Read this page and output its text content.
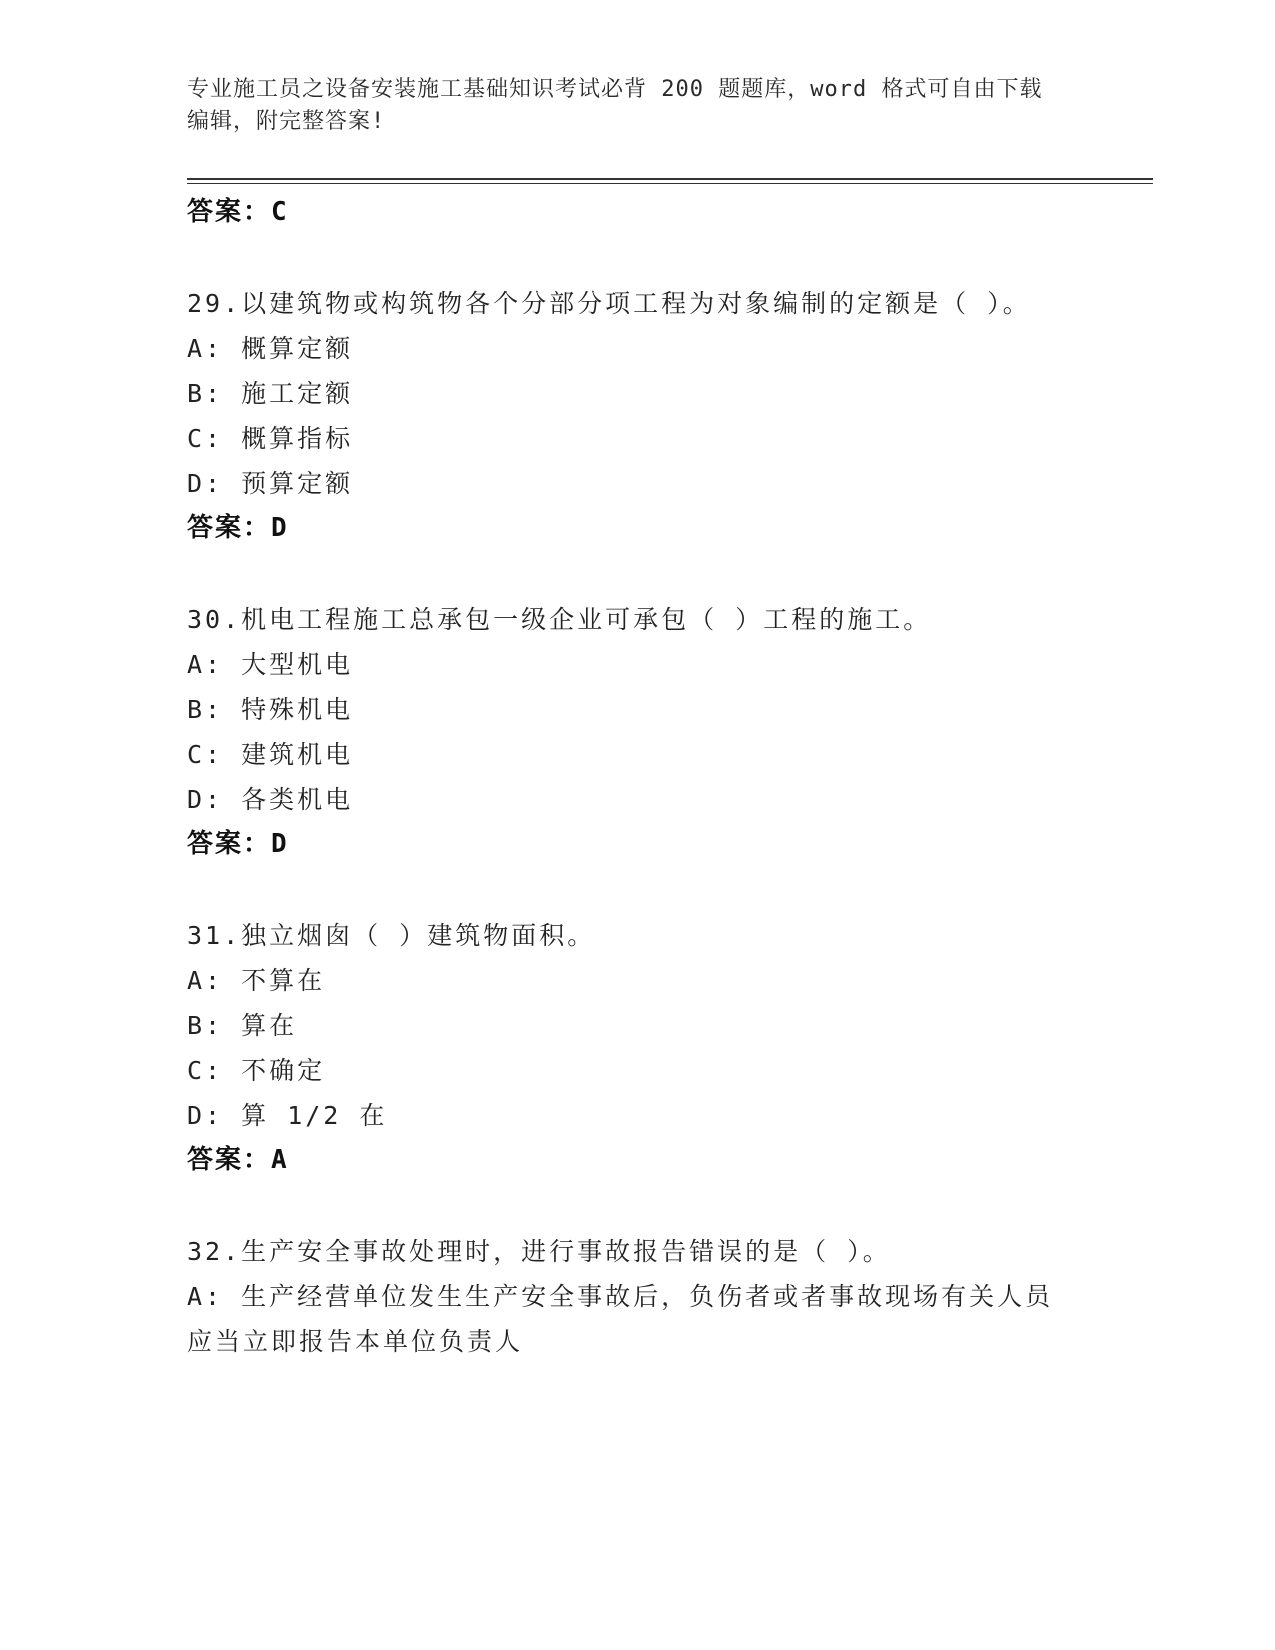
专业施工员之设备安装施工基础知识考试必背 200 题题库，word 格式可自由下载
编辑，附完整答案!
答案：C
29.以建筑物或构筑物各个分部分项工程为对象编制的定额是（ ）。
A: 概算定额
B: 施工定额
C: 概算指标
D: 预算定额
答案：D
30.机电工程施工总承包一级企业可承包（ ）工程的施工。
A: 大型机电
B: 特殊机电
C: 建筑机电
D: 各类机电
答案：D
31.独立烟囱（ ）建筑物面积。
A: 不算在
B: 算在
C: 不确定
D: 算 1/2 在
答案：A
32.生产安全事故处理时，进行事故报告错误的是（ ）。
A: 生产经营单位发生生产安全事故后，负伤者或者事故现场有关人员应当立即报告本单位负责人
